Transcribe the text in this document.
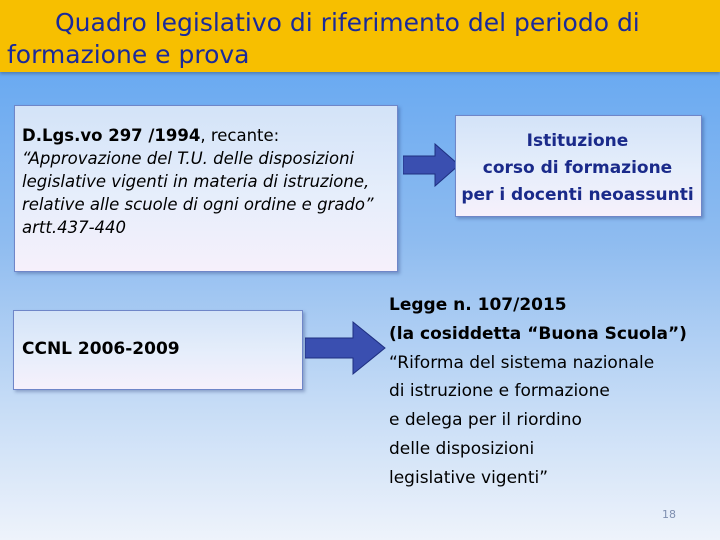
Quadro legislativo di riferimento del periodo di
formazione e prova
D.Lgs.vo 297 /1994, recante:
“Approvazione del T.U. delle disposizioni
legislative vigenti in materia di istruzione,
relative alle scuole di ogni ordine e grado”
artt.437-440
Istituzione
corso di formazione
per i docenti neoassunti
CCNL 2006-2009
Legge n. 107/2015
(la cosiddetta “Buona Scuola”)
“Riforma del sistema nazionale
di istruzione e formazione
e delega per il riordino
delle disposizioni
legislative vigenti”
18
